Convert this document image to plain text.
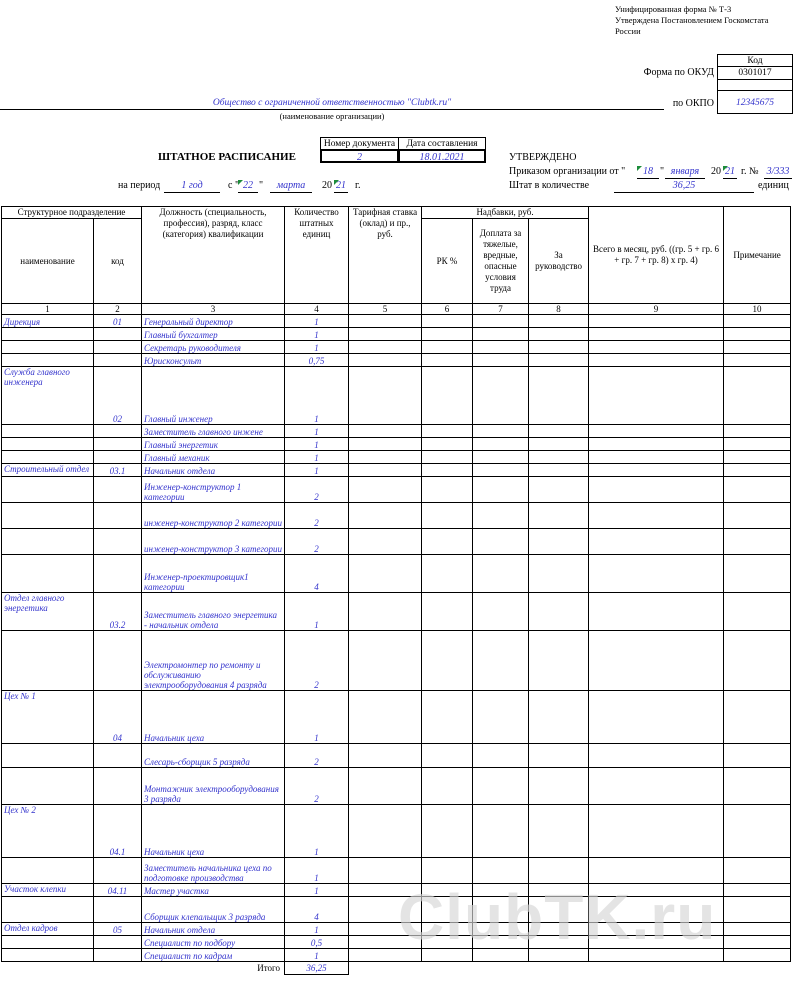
Унифицированная форма № Т-3
Утверждена Постановлением Госкомстата
России
Код
Форма по ОКУД	0301017
по ОКПО	12345675
Общество с ограниченной ответственностью "Clubtk.ru"
(наименование организации)
Номер документа	Дата составления
ШТАТНОЕ РАСПИСАНИЕ	2	18.01.2021	УТВЕРЖДЕНО
Приказом организации от "	18 " января	20 21 г. № 3/333
Штат в количестве	36,25	единиц
на период	1 год	с " 22 "	марта	20 21 г.
Структурное подразделение		Должность (специальность, профессия), разряд, класс (категория) квалификации	Количество штатных единиц	Тарифная ставка (оклад) и пр., руб.	Надбавки, руб.			Всего в месяц, руб. ((гр. 5 + гр. 6 + гр. 7 + гр. 8) х гр. 4)	Примечание
наименование	код				РК %	Доплата за тяжелые, вредные, опасные условия труда	За руководство		
1	2	3	4	5	6	7	8	9	10
Дирекция	01	Генеральный директор	1						
		Главный бухгалтер	1						
		Секретарь руководителя	1						
		Юрисконсульт	0,75						
Служба главного инженера	02	Главный инженер	1						
		Заместитель главного инжене	1						
		Главный энергетик	1						
		Главный механик	1						
Строительный отдел	03.1	Начальник отдела	1						
		Инженер-конструктор 1 категории	2						
		инженер-конструктор 2 категории	2						
		инженер-конструктор 3 категории	2						
		Инженер-проектировщик1 категории	4						
Отдел главного энергетика	03.2	Заместитель главного энергетика - начальник отдела	1						
		Электромонтер по ремонту и обслуживанию электрооборудования 4 разряда	2						
Цех № 1	04	Начальник цеха	1						
		Слесарь-сборщик 5 разряда	2						
		Монтажник электрооборудования 3 разряда	2						
Цех № 2	04.1	Начальник цеха	1						
		Заместитель начальника цеха по подготовке производства	1						
Участок клепки	04.11	Мастер участка	1						
		Сборщик клепальщик 3 разряда	4						
Отдел кадров	05	Начальник отдела	1						
		Специалист по подбору	0,5						
		Специалист по кадрам	1						
Итого			36,25						
ClubTK.ru
